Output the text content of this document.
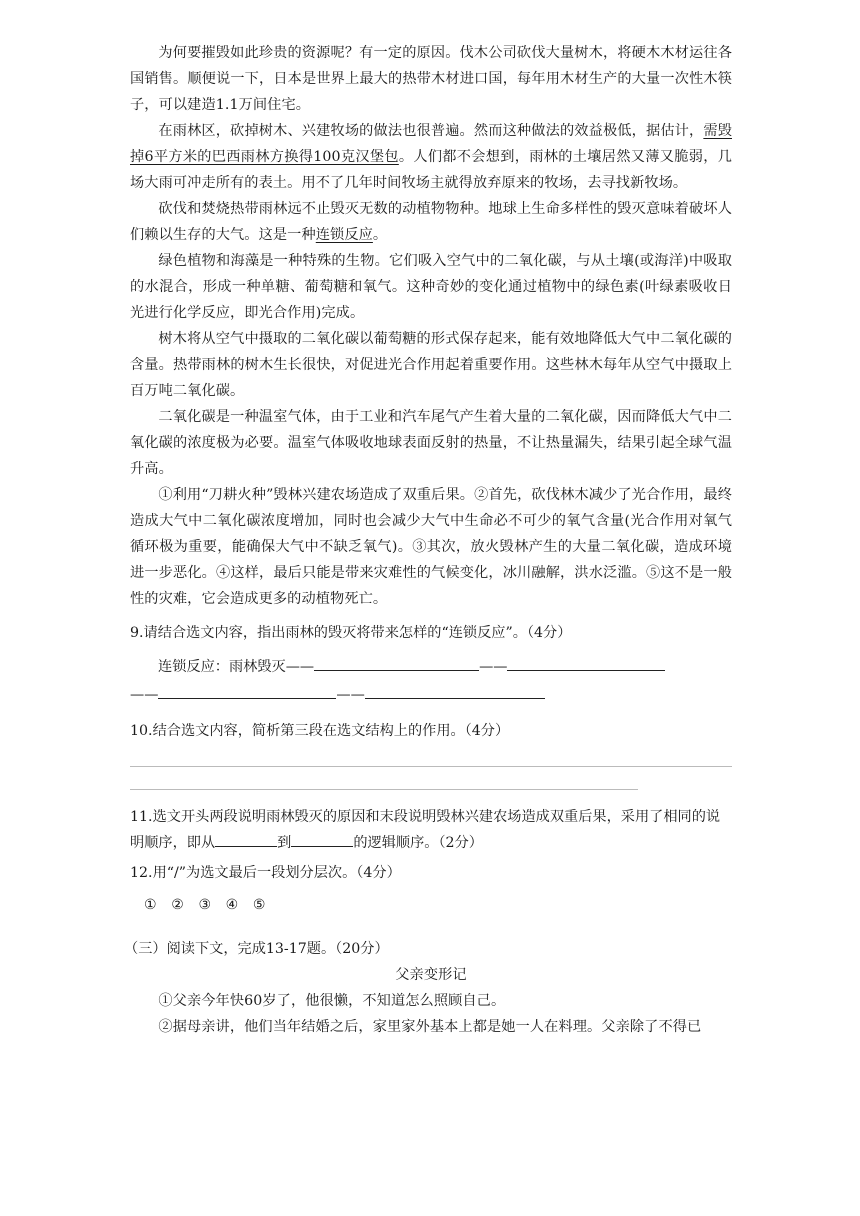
为何要摧毁如此珍贵的资源呢？有一定的原因。伐木公司砍伐大量树木，将硬木木材运往各国销售。顺便说一下，日本是世界上最大的热带木材进口国，每年用木材生产的大量一次性木筷子，可以建造1.1万间住宅。

在雨林区，砍掉树木、兴建牧场的做法也很普遍。然而这种做法的效益极低，据估计，需毁掉6平方米的巴西雨林方换得100克汉堡包。人们都不会想到，雨林的土壤居然又薄又脆弱，几场大雨可冲走所有的表土。用不了几年时间牧场主就得放弃原来的牧场，去寻找新牧场。

砍伐和焚烧热带雨林远不止毁灭无数的动植物物种。地球上生命多样性的毁灭意味着破坏人们赖以生存的大气。这是一种连锁反应。

绿色植物和海藻是一种特殊的生物。它们吸入空气中的二氧化碳，与从土壤(或海洋)中吸取的水混合，形成一种单糖、葡萄糖和氧气。这种奇妙的变化通过植物中的绿色素(叶绿素吸收日光进行化学反应，即光合作用)完成。

树木将从空气中摄取的二氧化碳以葡萄糖的形式保存起来，能有效地降低大气中二氧化碳的含量。热带雨林的树木生长很快，对促进光合作用起着重要作用。这些林木每年从空气中摄取上百万吨二氧化碳。

二氧化碳是一种温室气体，由于工业和汽车尾气产生着大量的二氧化碳，因而降低大气中二氧化碳的浓度极为必要。温室气体吸收地球表面反射的热量，不让热量漏失，结果引起全球气温升高。

①利用“刀耕火种”毁林兴建农场造成了双重后果。②首先，砍伐林木减少了光合作用，最终造成大气中二氧化碳浓度增加，同时也会减少大气中生命必不可少的氧气含量(光合作用对氧气循环极为重要，能确保大气中不缺乏氧气)。③其次，放火毁林产生的大量二氧化碳，造成环境进一步恶化。④这样，最后只能是带来灾难性的气候变化，冰川融解，洪水泛滥。⑤这不是一般性的灾难，它会造成更多的动植物死亡。

9.请结合选文内容，指出雨林的毁灭将带来怎样的“连锁反应”。（4分）

连锁反应：雨林毁灭——	——
——	——

10.结合选文内容，简析第三段在选文结构上的作用。（4分）

11.选文开头两段说明雨林毁灭的原因和末段说明毁林兴建农场造成双重后果，采用了相同的说明顺序，即从	到	的逻辑顺序。（2分）

12.用“/”为选文最后一段划分层次。（4分）

① ② ③ ④ ⑤

（三）阅读下文，完成13-17题。（20分）

父亲变形记

①父亲今年快60岁了，他很懒，不知道怎么照顾自己。

②据母亲讲，他们当年结婚之后，家里家外基本上都是她一人在料理。父亲除了不得已
